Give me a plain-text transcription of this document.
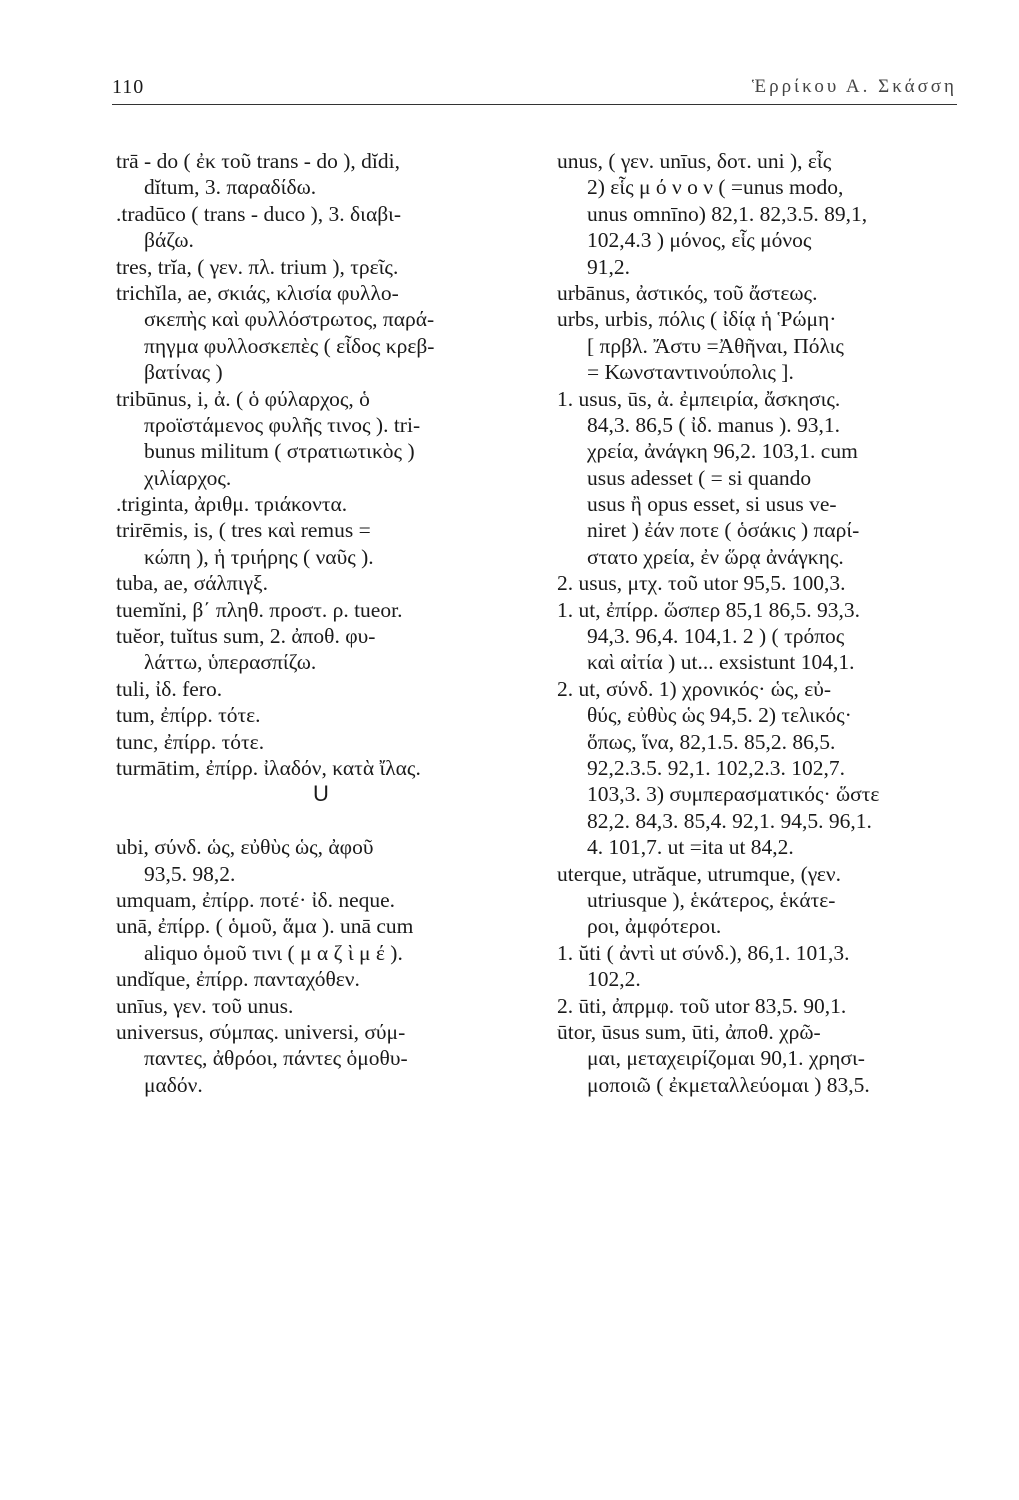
110	Ἑρρίκου Α. Σκάσση
trā - do ( ἐκ τοῦ trans - do ), dĭdi,
dĭtum, 3. παραδίδω.
.tradūco ( trans - duco ), 3. διαβι-
βάζω.
tres, trĭa, ( γεν. πλ. trium ), τρεῖς.
trichĭla, ae, σκιάς, κλισία φυλλο-
σκεπὴς καὶ φυλλόστρωτος, παρά-
πηγμα φυλλοσκεπὲς ( εἶδος κρεβ-
βατίνας )
tribūnus, i, ἀ. ( ὁ φύλαρχος, ὁ
προϊστάμενος φυλῆς τινος ). tri-
bunus militum ( στρατιωτικὸς )
χιλίαρχος.
.triginta, ἀριθμ. τριάκοντα.
trirēmis, is, ( tres καὶ remus =
κώπη ), ἡ τριήρης ( ναῦς ).
tuba, ae, σάλπιγξ.
tuemĭni, β΄ πληθ. προστ. ρ. tueor.
tuĕor, tuĭtus sum, 2. ἀποθ. φυ-
λάττω, ὑπερασπίζω.
tuli, ἰδ. fero.
tum, ἐπίρρ. τότε.
tunc, ἐπίρρ. τότε.
turmātim, ἐπίρρ. ἰλαδόν, κατὰ ἴλας.
U
ubi, σύνδ. ὡς, εὐθὺς ὡς, ἀφοῦ
93,5. 98,2.
umquam, ἐπίρρ. ποτέ· ἰδ. neque.
unā, ἐπίρρ. ( ὁμοῦ, ἅμα ). unā cum
aliquo ὁμοῦ τινι ( μ α ζ ὶ μ έ ).
undĭque, ἐπίρρ. πανταχόθεν.
unīus, γεν. τοῦ unus.
universus, σύμπας. universi, σύμ-
παντες, ἀθρόοι, πάντες ὁμοθυ-
μαδόν.
unus, ( γεν. unīus, δοτ. uni ), εἷς
2) εἷς μ ό ν ο ν ( =unus modo,
unus omnīno) 82,1. 82,3.5. 89,1,
102,4.3 ) μόνος, εἷς μόνος
91,2.
urbānus, ἀστικός, τοῦ ἄστεως.
urbs, urbis, πόλις ( ἰδίᾳ ἡ Ῥώμη·
[ πρβλ. Ἄστυ =Ἀθῆναι, Πόλις
= Κωνσταντινούπολις ].
1. usus, ūs, ἀ. ἐμπειρία, ἄσκησις.
84,3. 86,5 ( ἰδ. manus ). 93,1.
χρεία, ἀνάγκη 96,2. 103,1. cum
usus adesset ( = si quando
usus ἢ opus esset, si usus ve-
niret ) ἐάν ποτε ( ὁσάκις ) παρί-
στατο χρεία, ἐν ὥρᾳ ἀνάγκης.
2. usus, μτχ. τοῦ utor 95,5. 100,3.
1. ut, ἐπίρρ. ὥσπερ 85,1 86,5. 93,3.
94,3. 96,4. 104,1. 2 ) ( τρόπος
καὶ αἰτία ) ut... exsistunt 104,1.
2. ut, σύνδ. 1) χρονικός· ὡς, εὐ-
θύς, εὐθὺς ὡς 94,5. 2) τελικός·
ὅπως, ἵνα, 82,1.5. 85,2. 86,5.
92,2.3.5. 92,1. 102,2.3. 102,7.
103,3. 3) συμπερασματικός· ὥστε
82,2. 84,3. 85,4. 92,1. 94,5. 96,1.
4. 101,7. ut =ita ut 84,2.
uterque, utrăque, utrumque, (γεν.
utriusque ), ἑκάτερος, ἑκάτε-
ροι, ἀμφότεροι.
1. ŭti ( ἀντὶ ut σύνδ.), 86,1. 101,3.
102,2.
2. ūti, ἀπρμφ. τοῦ utor 83,5. 90,1.
ūtor, ūsus sum, ūti, ἀποθ. χρῶ-
μαι, μεταχειρίζομαι 90,1. χρησι-
μοποιῶ ( ἐκμεταλλεύομαι ) 83,5.
